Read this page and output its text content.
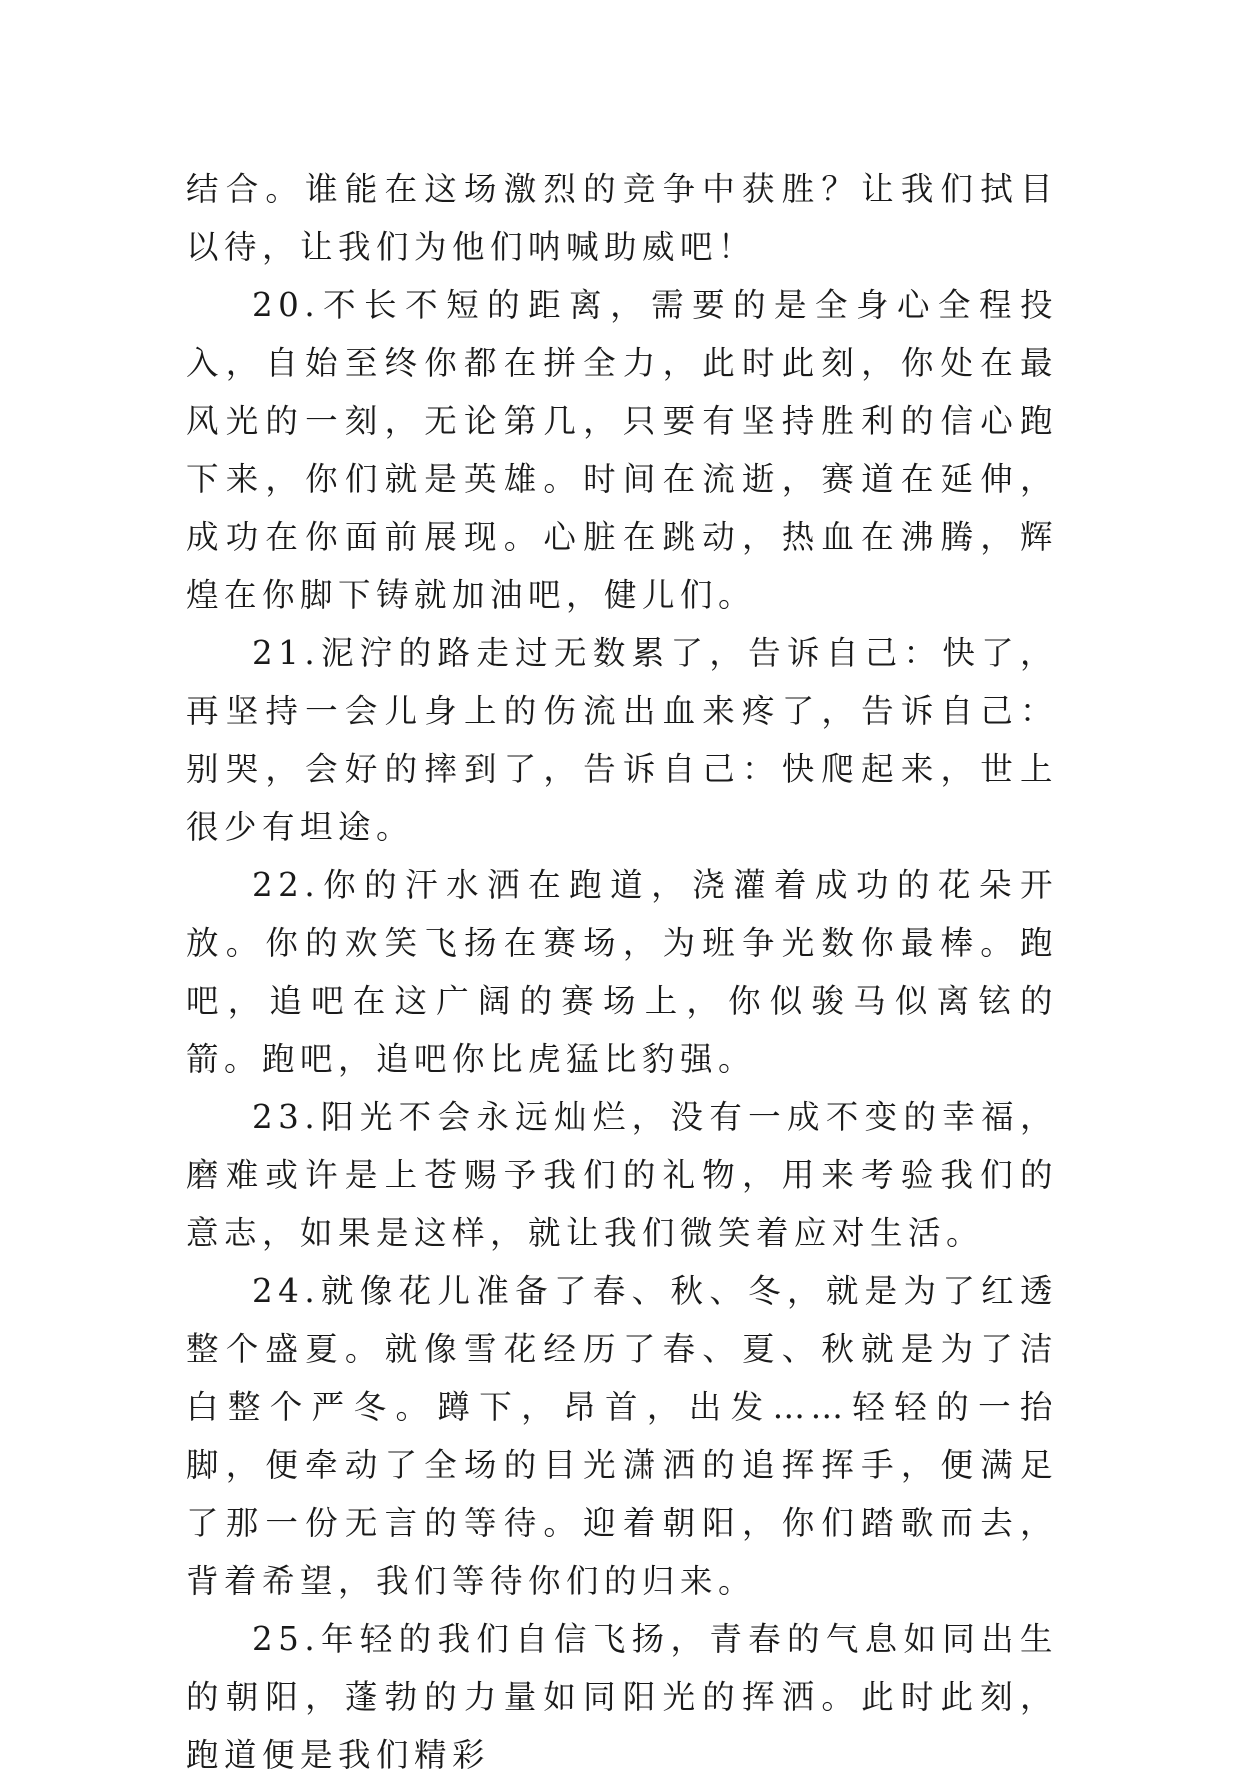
结合。谁能在这场激烈的竞争中获胜？让我们拭目以待，让我们为他们呐喊助威吧！

20.不长不短的距离，需要的是全身心全程投入，自始至终你都在拼全力，此时此刻，你处在最风光的一刻，无论第几，只要有坚持胜利的信心跑下来，你们就是英雄。时间在流逝，赛道在延伸，成功在你面前展现。心脏在跳动，热血在沸腾，辉煌在你脚下铸就加油吧，健儿们。

21.泥泞的路走过无数累了，告诉自己：快了，再坚持一会儿身上的伤流出血来疼了，告诉自己：别哭，会好的摔到了，告诉自己：快爬起来，世上很少有坦途。

22.你的汗水洒在跑道，浇灌着成功的花朵开放。你的欢笑飞扬在赛场，为班争光数你最棒。跑吧，追吧在这广阔的赛场上，你似骏马似离铉的箭。跑吧，追吧你比虎猛比豹强。

23.阳光不会永远灿烂，没有一成不变的幸福，磨难或许是上苍赐予我们的礼物，用来考验我们的意志，如果是这样，就让我们微笑着应对生活。

24.就像花儿准备了春、秋、冬，就是为了红透整个盛夏。就像雪花经历了春、夏、秋就是为了洁白整个严冬。蹲下，昂首，出发……轻轻的一抬脚，便牵动了全场的目光潇洒的追挥挥手，便满足了那一份无言的等待。迎着朝阳，你们踏歌而去，背着希望，我们等待你们的归来。

25.年轻的我们自信飞扬，青春的气息如同出生的朝阳，蓬勃的力量如同阳光的挥洒。此时此刻，跑道便是我们精彩
